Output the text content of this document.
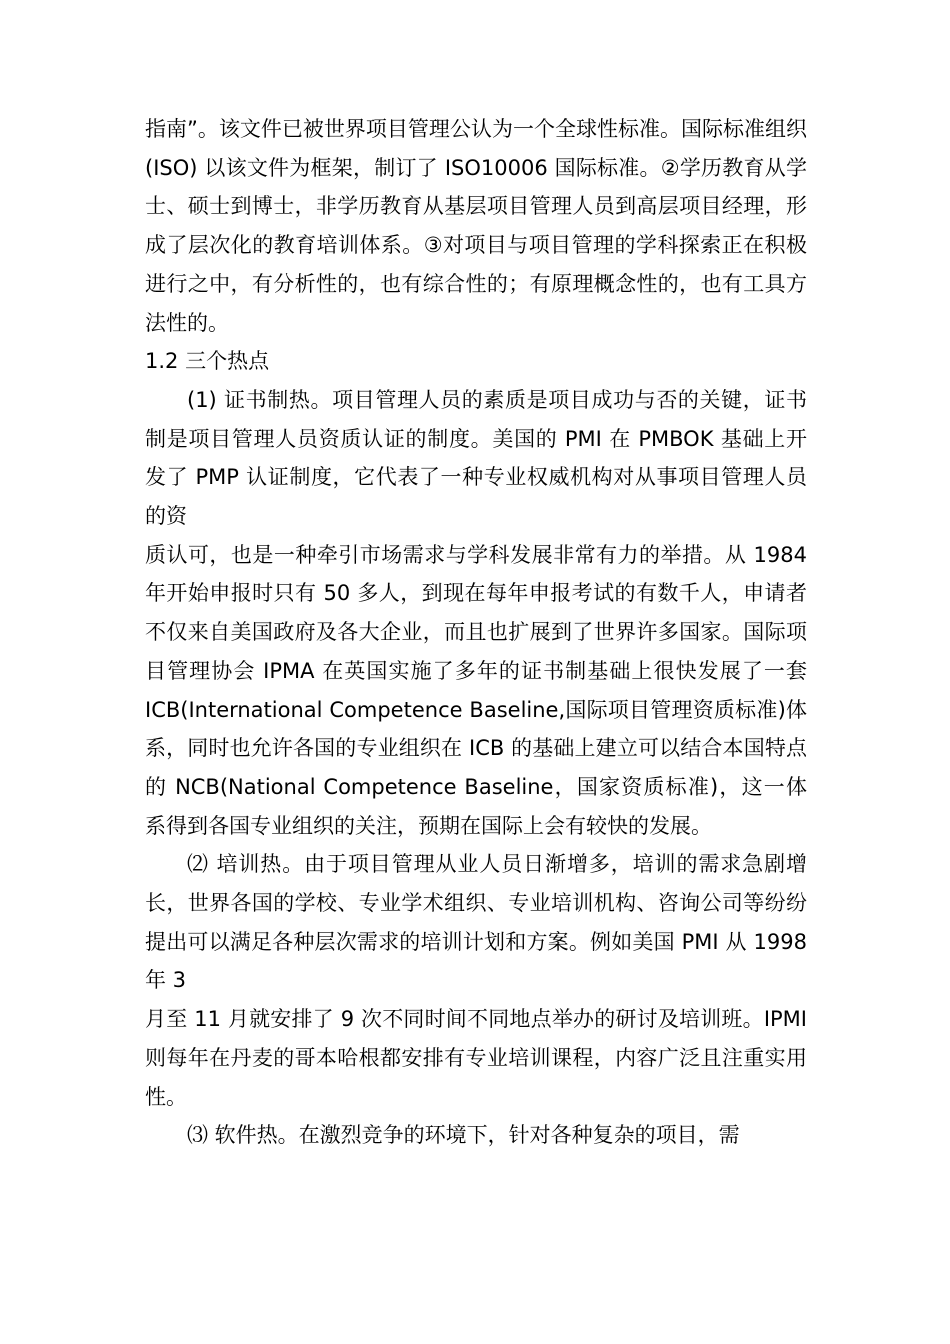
指南”。该文件已被世界项目管理公认为一个全球性标准。国际标准组织(ISO) 以该文件为框架，制订了 ISO10006 国际标准。②学历教育从学士、硕士到博士，非学历教育从基层项目管理人员到高层项目经理，形成了层次化的教育培训体系。③对项目与项目管理的学科探索正在积极进行之中，有分析性的，也有综合性的；有原理概念性的，也有工具方法性的。

1.2 三个热点

(1) 证书制热。项目管理人员的素质是项目成功与否的关键，证书制是项目管理人员资质认证的制度。美国的 PMI 在 PMBOK 基础上开发了 PMP 认证制度，它代表了一种专业权威机构对从事项目管理人员的资

质认可，也是一种牵引市场需求与学科发展非常有力的举措。从 1984 年开始申报时只有 50 多人，到现在每年申报考试的有数千人，申请者不仅来自美国政府及各大企业，而且也扩展到了世界许多国家。国际项目管理协会 IPMA 在英国实施了多年的证书制基础上很快发展了一套 ICB(International Competence Baseline,国际项目管理资质标准)体系，同时也允许各国的专业组织在 ICB 的基础上建立可以结合本国特点的 NCB(National Competence Baseline，国家资质标准)，这一体系得到各国专业组织的关注，预期在国际上会有较快的发展。

⑵ 培训热。由于项目管理从业人员日渐增多，培训的需求急剧增长，世界各国的学校、专业学术组织、专业培训机构、咨询公司等纷纷提出可以满足各种层次需求的培训计划和方案。例如美国 PMI 从 1998 年 3

月至 11 月就安排了 9 次不同时间不同地点举办的研讨及培训班。IPMI 则每年在丹麦的哥本哈根都安排有专业培训课程，内容广泛且注重实用性。

⑶ 软件热。在激烈竞争的环境下，针对各种复杂的项目，需
